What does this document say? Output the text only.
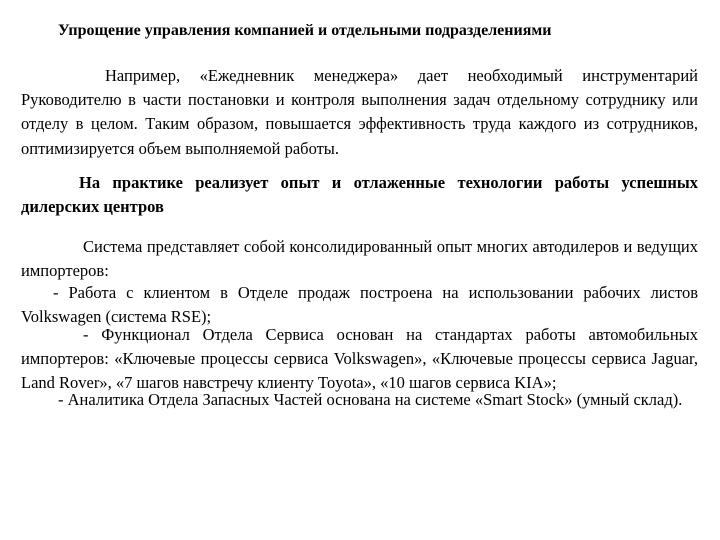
Упрощение управления компанией и отдельными подразделениями

Например, «Ежедневник менеджера» дает необходимый инструментарий Руководителю в части постановки и контроля выполнения задач отдельному сотруднику или отделу в целом. Таким образом, повышается эффективность труда каждого из сотрудников, оптимизируется объем выполняемой работы.

На практике реализует опыт и отлаженные технологии работы успешных дилерских центров

Система представляет собой консолидированный опыт многих автодилеров и ведущих импортеров:

- Работа с клиентом в Отделе продаж построена на использовании рабочих листов Volkswagen (система RSE);

- Функционал Отдела Сервиса основан на стандартах работы автомобильных импортеров: «Ключевые процессы сервиса Volkswagen», «Ключевые процессы сервиса Jaguar, Land Rover», «7 шагов навстречу клиенту Toyota», «10 шагов сервиса KIA»;

- Аналитика Отдела Запасных Частей основана на системе «Smart Stock» (умный склад).
